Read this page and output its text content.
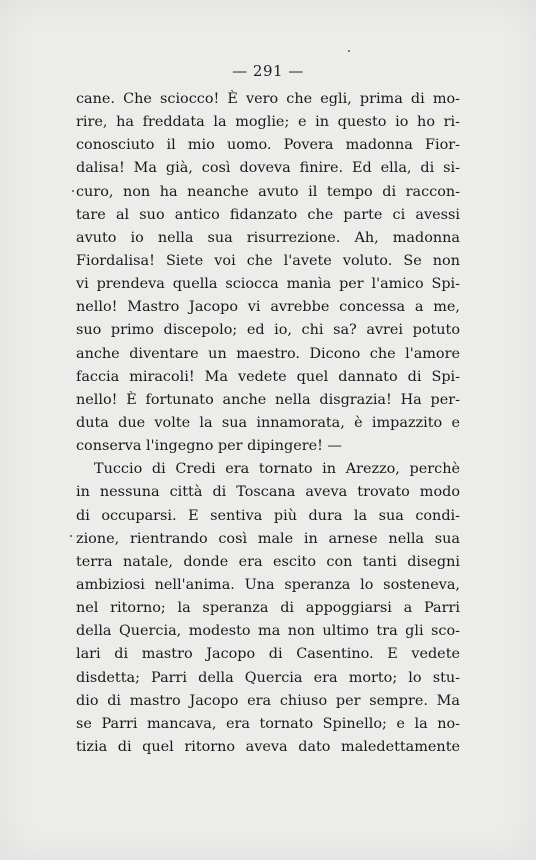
— 291 —
cane. Che sciocco! È vero che egli, prima di mo-
rire, ha freddata la moglie; e in questo io ho ri-
conosciuto il mio uomo. Povera madonna Fior-
dalisa! Ma già, così doveva finire. Ed ella, di si-
curo, non ha neanche avuto il tempo di raccon-
tare al suo antico fidanzato che parte ci avessi
avuto io nella sua risurrezione. Ah, madonna
Fiordalisa! Siete voi che l'avete voluto. Se non
vi prendeva quella sciocca manìa per l'amico Spi-
nello! Mastro Jacopo vi avrebbe concessa a me,
suo primo discepolo; ed io, chi sa? avrei potuto
anche diventare un maestro. Dicono che l'amore
faccia miracoli! Ma vedete quel dannato di Spi-
nello! È fortunato anche nella disgrazia! Ha per-
duta due volte la sua innamorata, è impazzito e
conserva l'ingegno per dipingere! —
Tuccio di Credi era tornato in Arezzo, perchè
in nessuna città di Toscana aveva trovato modo
di occuparsi. E sentiva più dura la sua condi-
zione, rientrando così male in arnese nella sua
terra natale, donde era escito con tanti disegni
ambiziosi nell'anima. Una speranza lo sosteneva,
nel ritorno; la speranza di appoggiarsi a Parri
della Quercia, modesto ma non ultimo tra gli sco-
lari di mastro Jacopo di Casentino. E vedete
disdetta; Parri della Quercia era morto; lo stu-
dio di mastro Jacopo era chiuso per sempre. Ma
se Parri mancava, era tornato Spinello; e la no-
tizia di quel ritorno aveva dato maledettamente
